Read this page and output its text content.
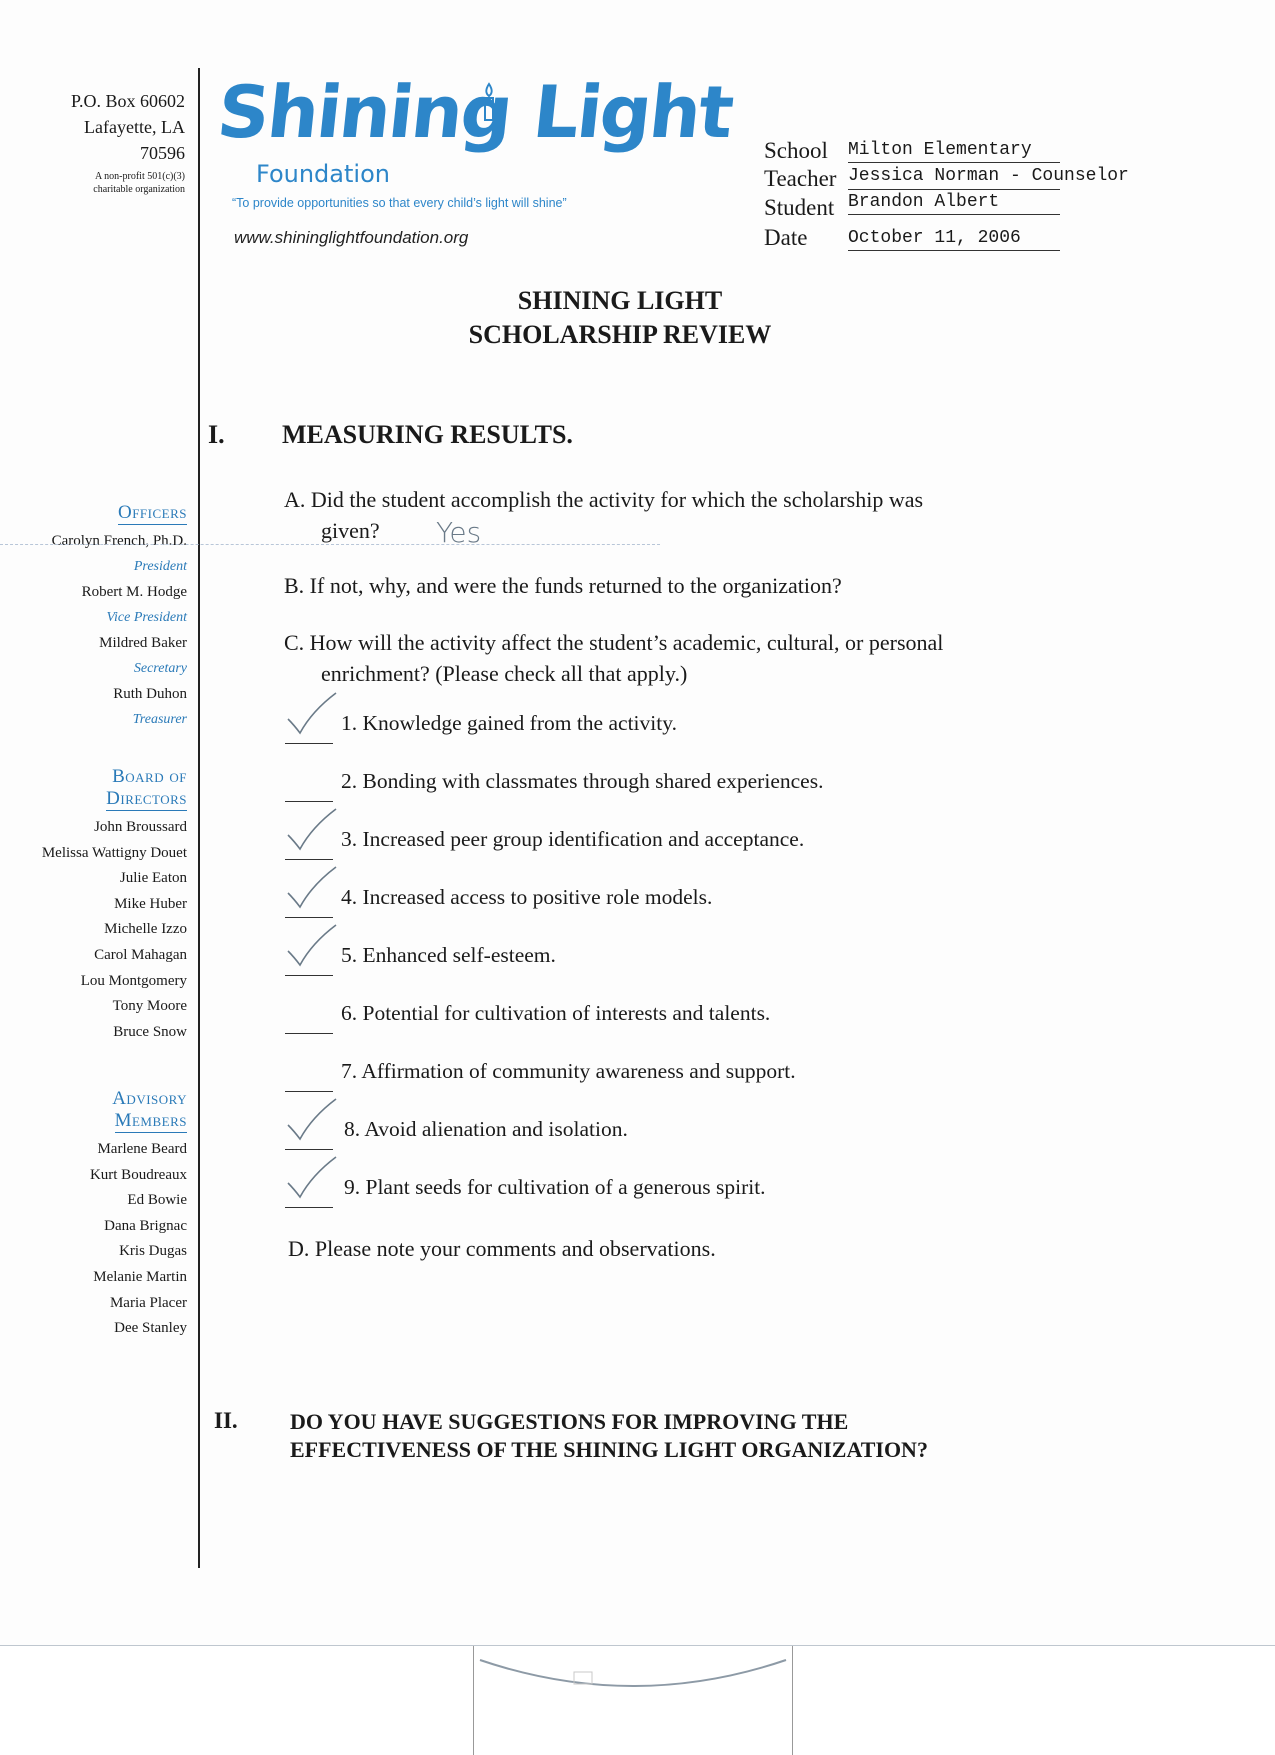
P.O. Box 60602
Lafayette, LA
70596
A non-profit 501(c)(3)
charitable organization
Shining Light
Foundation
“To provide opportunities so that every child’s light will shine”
www.shininglightfoundation.org
School Milton Elementary
Teacher Jessica Norman - Counselor
Student Brandon Albert
Date October 11, 2006
SHINING LIGHT
SCHOLARSHIP REVIEW
Officers
Carolyn French, Ph.D.
President
Robert M. Hodge
Vice President
Mildred Baker
Secretary
Ruth Duhon
Treasurer
Board of
Directors
John Broussard
Melissa Wattigny Douet
Julie Eaton
Mike Huber
Michelle Izzo
Carol Mahagan
Lou Montgomery
Tony Moore
Bruce Snow
Advisory
Members
Marlene Beard
Kurt Boudreaux
Ed Bowie
Dana Brignac
Kris Dugas
Melanie Martin
Maria Placer
Dee Stanley
I. MEASURING RESULTS.
A. Did the student accomplish the activity for which the scholarship was
given?	Yes
B. If not, why, and were the funds returned to the organization?
C. How will the activity affect the student’s academic, cultural, or personal
enrichment? (Please check all that apply.)
1. Knowledge gained from the activity.
2. Bonding with classmates through shared experiences.
3. Increased peer group identification and acceptance.
4. Increased access to positive role models.
5. Enhanced self-esteem.
6. Potential for cultivation of interests and talents.
7. Affirmation of community awareness and support.
8. Avoid alienation and isolation.
9. Plant seeds for cultivation of a generous spirit.
D. Please note your comments and observations.
II. DO YOU HAVE SUGGESTIONS FOR IMPROVING THE
EFFECTIVENESS OF THE SHINING LIGHT ORGANIZATION?
